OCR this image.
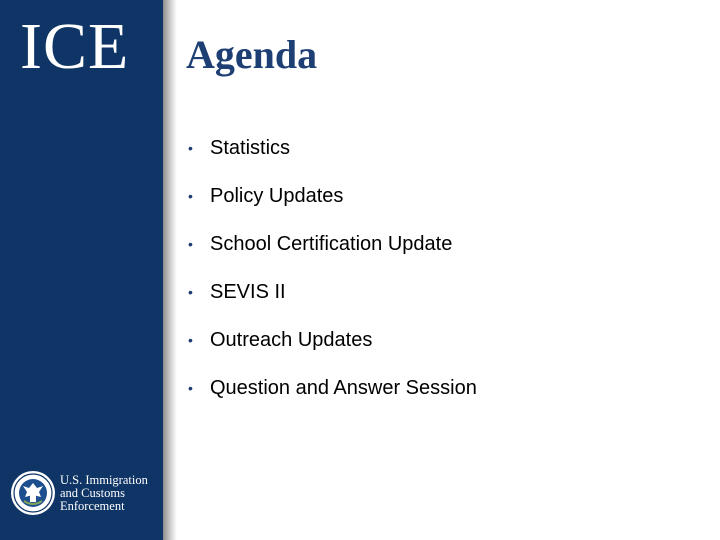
ICE

U.S. Immigration
and Customs
Enforcement
Agenda
• Statistics
• Policy Updates
• School Certification Update
• SEVIS II
• Outreach Updates
• Question and Answer Session
